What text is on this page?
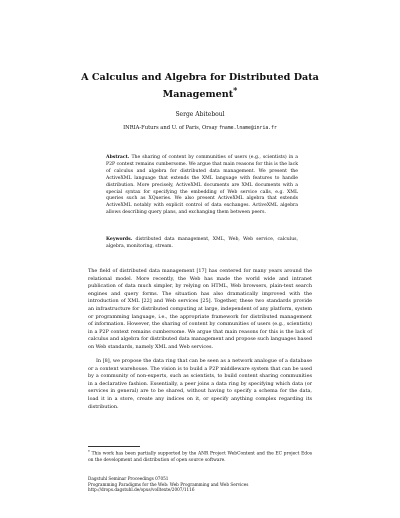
A Calculus and Algebra for Distributed Data Management*
Serge Abiteboul
INRIA-Futurs and U. of Paris, Orsay fname.lname@inria.fr
Abstract. The sharing of content by communities of users (e.g., scientists) in a P2P context remains cumbersome. We argue that main reasons for this is the lack of calculus and algebra for distributed data management. We present the ActiveXML language that extends the XML language with features to handle distribution. More precisely, ActiveXML documents are XML documents with a special syntax for specifying the embedding of Web service calls, e.g. XML queries such as XQueries. We also present ActiveXML algebra that extends ActiveXML notably with explicit control of data exchanges. ActiveXML algebra allows describing query plans, and exchanging them between peers.
Keywords. distributed data management, XML, Web, Web service, calculus, algebra, monitoring, stream.
The field of distributed data management [17] has centered for many years around the relational model. More recently, the Web has made the world wide and intranet publication of data much simpler, by relying on HTML, Web browsers, plain-text search engines and query forms. The situation has also dramatically improved with the introduction of XML [22] and Web services [25]. Together, these two standards provide an infrastructure for distributed computing at large, independent of any platform, system or programming language, i.e., the appropriate framework for distributed management of information. However, the sharing of content by communities of users (e.g., scientists) in a P2P context remains cumbersome. We argue that main reasons for this is the lack of calculus and algebra for distributed data management and propose such languages based on Web standards, namely XML and Web services.
In [8], we propose the data ring that can be seen as a network analogue of a database or a content warehouse. The vision is to build a P2P middleware system that can be used by a community of non-experts, such as scientists, to build content sharing communities in a declarative fashion. Essentially, a peer joins a data ring by specifying which data (or services in general) are to be shared, without having to specify a schema for the data, load it in a store, create any indices on it, or specify anything complex regarding its distribution.
* This work has been partially supported by the ANR Project WebContent and the EC project Edos on the development and distribution of open source software.
Dagstuhl Seminar Proceedings 07051
Programming Paradigms for the Web: Web Programming and Web Services
http://drops.dagstuhl.de/opus/volltexte/2007/1116
